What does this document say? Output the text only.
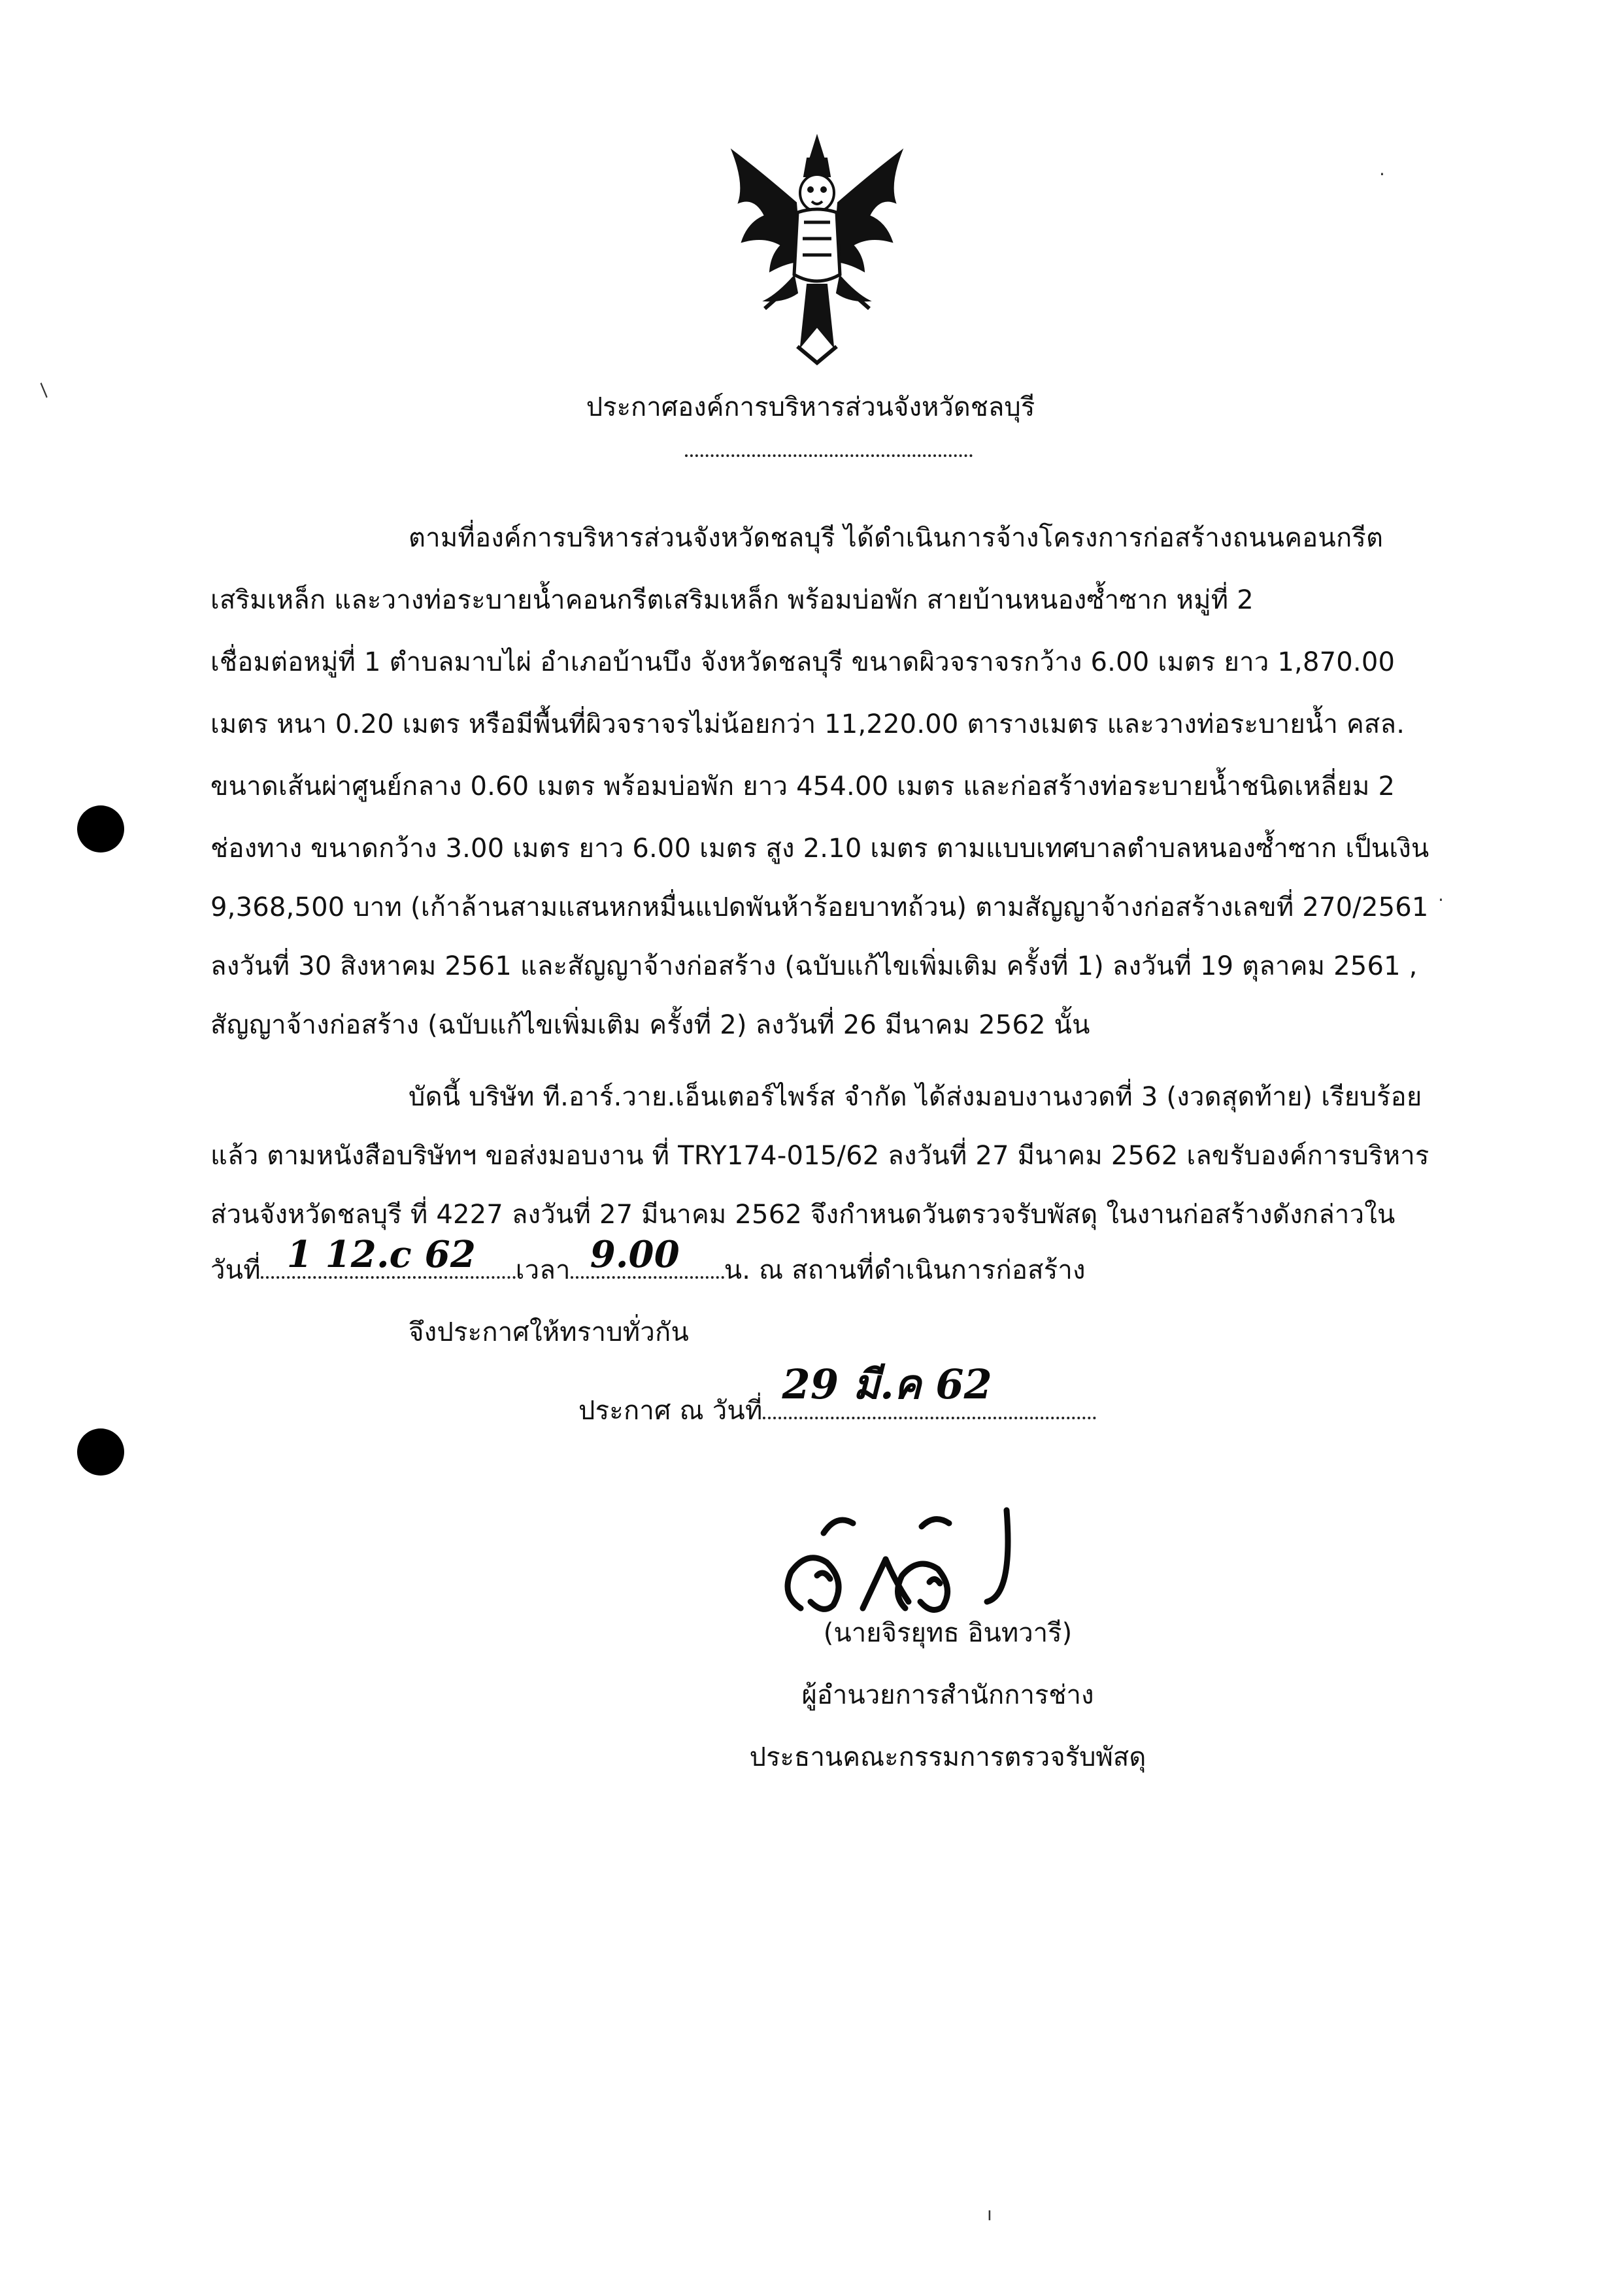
ประกาศองค์การบริหารส่วนจังหวัดชลบุรี
ตามที่องค์การบริหารส่วนจังหวัดชลบุรี ได้ดำเนินการจ้างโครงการก่อสร้างถนนคอนกรีต
เสริมเหล็ก และวางท่อระบายน้ำคอนกรีตเสริมเหล็ก พร้อมบ่อพัก สายบ้านหนองซ้ำซาก หมู่ที่ 2
เชื่อมต่อหมู่ที่ 1 ตำบลมาบไผ่ อำเภอบ้านบึง จังหวัดชลบุรี ขนาดผิวจราจรกว้าง 6.00 เมตร ยาว 1,870.00
เมตร หนา 0.20 เมตร หรือมีพื้นที่ผิวจราจรไม่น้อยกว่า 11,220.00 ตารางเมตร และวางท่อระบายน้ำ คสล.
ขนาดเส้นผ่าศูนย์กลาง 0.60 เมตร พร้อมบ่อพัก ยาว 454.00 เมตร และก่อสร้างท่อระบายน้ำชนิดเหลี่ยม 2
ช่องทาง ขนาดกว้าง 3.00 เมตร ยาว 6.00 เมตร สูง 2.10 เมตร ตามแบบเทศบาลตำบลหนองซ้ำซาก เป็นเงิน
9,368,500 บาท (เก้าล้านสามแสนหกหมื่นแปดพันห้าร้อยบาทถ้วน) ตามสัญญาจ้างก่อสร้างเลขที่ 270/2561
ลงวันที่ 30 สิงหาคม 2561 และสัญญาจ้างก่อสร้าง (ฉบับแก้ไขเพิ่มเติม ครั้งที่ 1) ลงวันที่ 19 ตุลาคม 2561 ,
สัญญาจ้างก่อสร้าง (ฉบับแก้ไขเพิ่มเติม ครั้งที่ 2) ลงวันที่ 26 มีนาคม 2562 นั้น
บัดนี้ บริษัท ที.อาร์.วาย.เอ็นเตอร์ไพร์ส จำกัด ได้ส่งมอบงานงวดที่ 3 (งวดสุดท้าย) เรียบร้อย
แล้ว ตามหนังสือบริษัทฯ ขอส่งมอบงาน ที่ TRY174-015/62 ลงวันที่ 27 มีนาคม 2562 เลขรับองค์การบริหาร
ส่วนจังหวัดชลบุรี ที่ 4227 ลงวันที่ 27 มีนาคม 2562 จึงกำหนดวันตรวจรับพัสดุ ในงานก่อสร้างดังกล่าวใน
วันที่ 1 12.c 62 เวลา 9.00 น. ณ สถานที่ดำเนินการก่อสร้าง
จึงประกาศให้ทราบทั่วกัน
ประกาศ ณ วันที่
29 มี.ค 62
(นายจิรยุทธ อินทวารี)
ผู้อำนวยการสำนักการช่าง
ประธานคณะกรรมการตรวจรับพัสดุ
/
·
·
ı
